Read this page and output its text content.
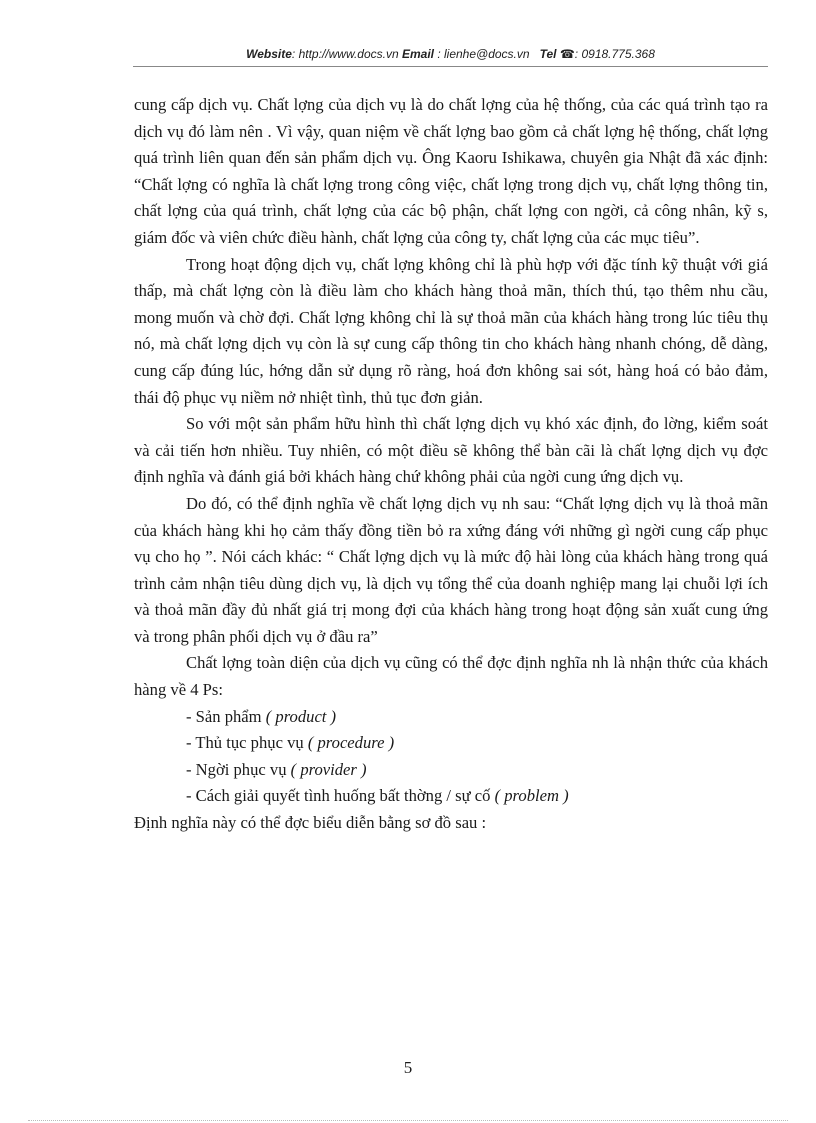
Website: http://www.docs.vn Email : lienhe@docs.vn Tel ☎: 0918.775.368

cung cấp dịch vụ. Chất lợng của dịch vụ là do chất lợng của hệ thống, của các quá trình tạo ra dịch vụ đó làm nên . Vì vậy, quan niệm về chất lợng bao gồm cả chất lợng hệ thống, chất lợng quá trình liên quan đến sản phẩm dịch vụ. Ông Kaoru Ishikawa, chuyên gia Nhật đã xác định: “Chất lợng có nghĩa là chất lợng trong công việc, chất lợng trong dịch vụ, chất lợng thông tin, chất lợng của quá trình, chất lợng của các bộ phận, chất lợng con ngời, cả công nhân, kỹ s, giám đốc và viên chức điều hành, chất lợng của công ty, chất lợng của các mục tiêu”.

Trong hoạt động dịch vụ, chất lợng không chỉ là phù hợp với đặc tính kỹ thuật với giá thấp, mà chất lợng còn là điều làm cho khách hàng thoả mãn, thích thú, tạo thêm nhu cầu, mong muốn và chờ đợi. Chất lợng không chỉ là sự thoả mãn của khách hàng trong lúc tiêu thụ nó, mà chất lợng dịch vụ còn là sự cung cấp thông tin cho khách hàng nhanh chóng, dễ dàng, cung cấp đúng lúc, hớng dẫn sử dụng rõ ràng, hoá đơn không sai sót, hàng hoá có bảo đảm, thái độ phục vụ niềm nở nhiệt tình, thủ tục đơn giản.

So với một sản phẩm hữu hình thì chất lợng dịch vụ khó xác định, đo lờng, kiểm soát và cải tiến hơn nhiều. Tuy nhiên, có một điều sẽ không thể bàn cãi là chất lợng dịch vụ đợc định nghĩa và đánh giá bởi khách hàng chứ không phải của ngời cung ứng dịch vụ.

Do đó, có thể định nghĩa về chất lợng dịch vụ nh sau: “Chất lợng dịch vụ là thoả mãn của khách hàng khi họ cảm thấy đồng tiền bỏ ra xứng đáng với những gì ngời cung cấp phục vụ cho họ ”. Nói cách khác: “ Chất lợng dịch vụ là mức độ hài lòng của khách hàng trong quá trình cảm nhận tiêu dùng dịch vụ, là dịch vụ tổng thể của doanh nghiệp mang lại chuỗi lợi ích và thoả mãn đầy đủ nhất giá trị mong đợi của khách hàng trong hoạt động sản xuất cung ứng và trong phân phối dịch vụ ở đầu ra”

Chất lợng toàn diện của dịch vụ cũng có thể đợc định nghĩa nh là nhận thức của khách hàng về 4 Ps:

- Sản phẩm ( product )
- Thủ tục phục vụ ( procedure )
- Ngời phục vụ ( provider )
- Cách giải quyết tình huống bất thờng / sự cố ( problem )

Định nghĩa này có thể đợc biểu diễn bằng sơ đồ sau :

5
